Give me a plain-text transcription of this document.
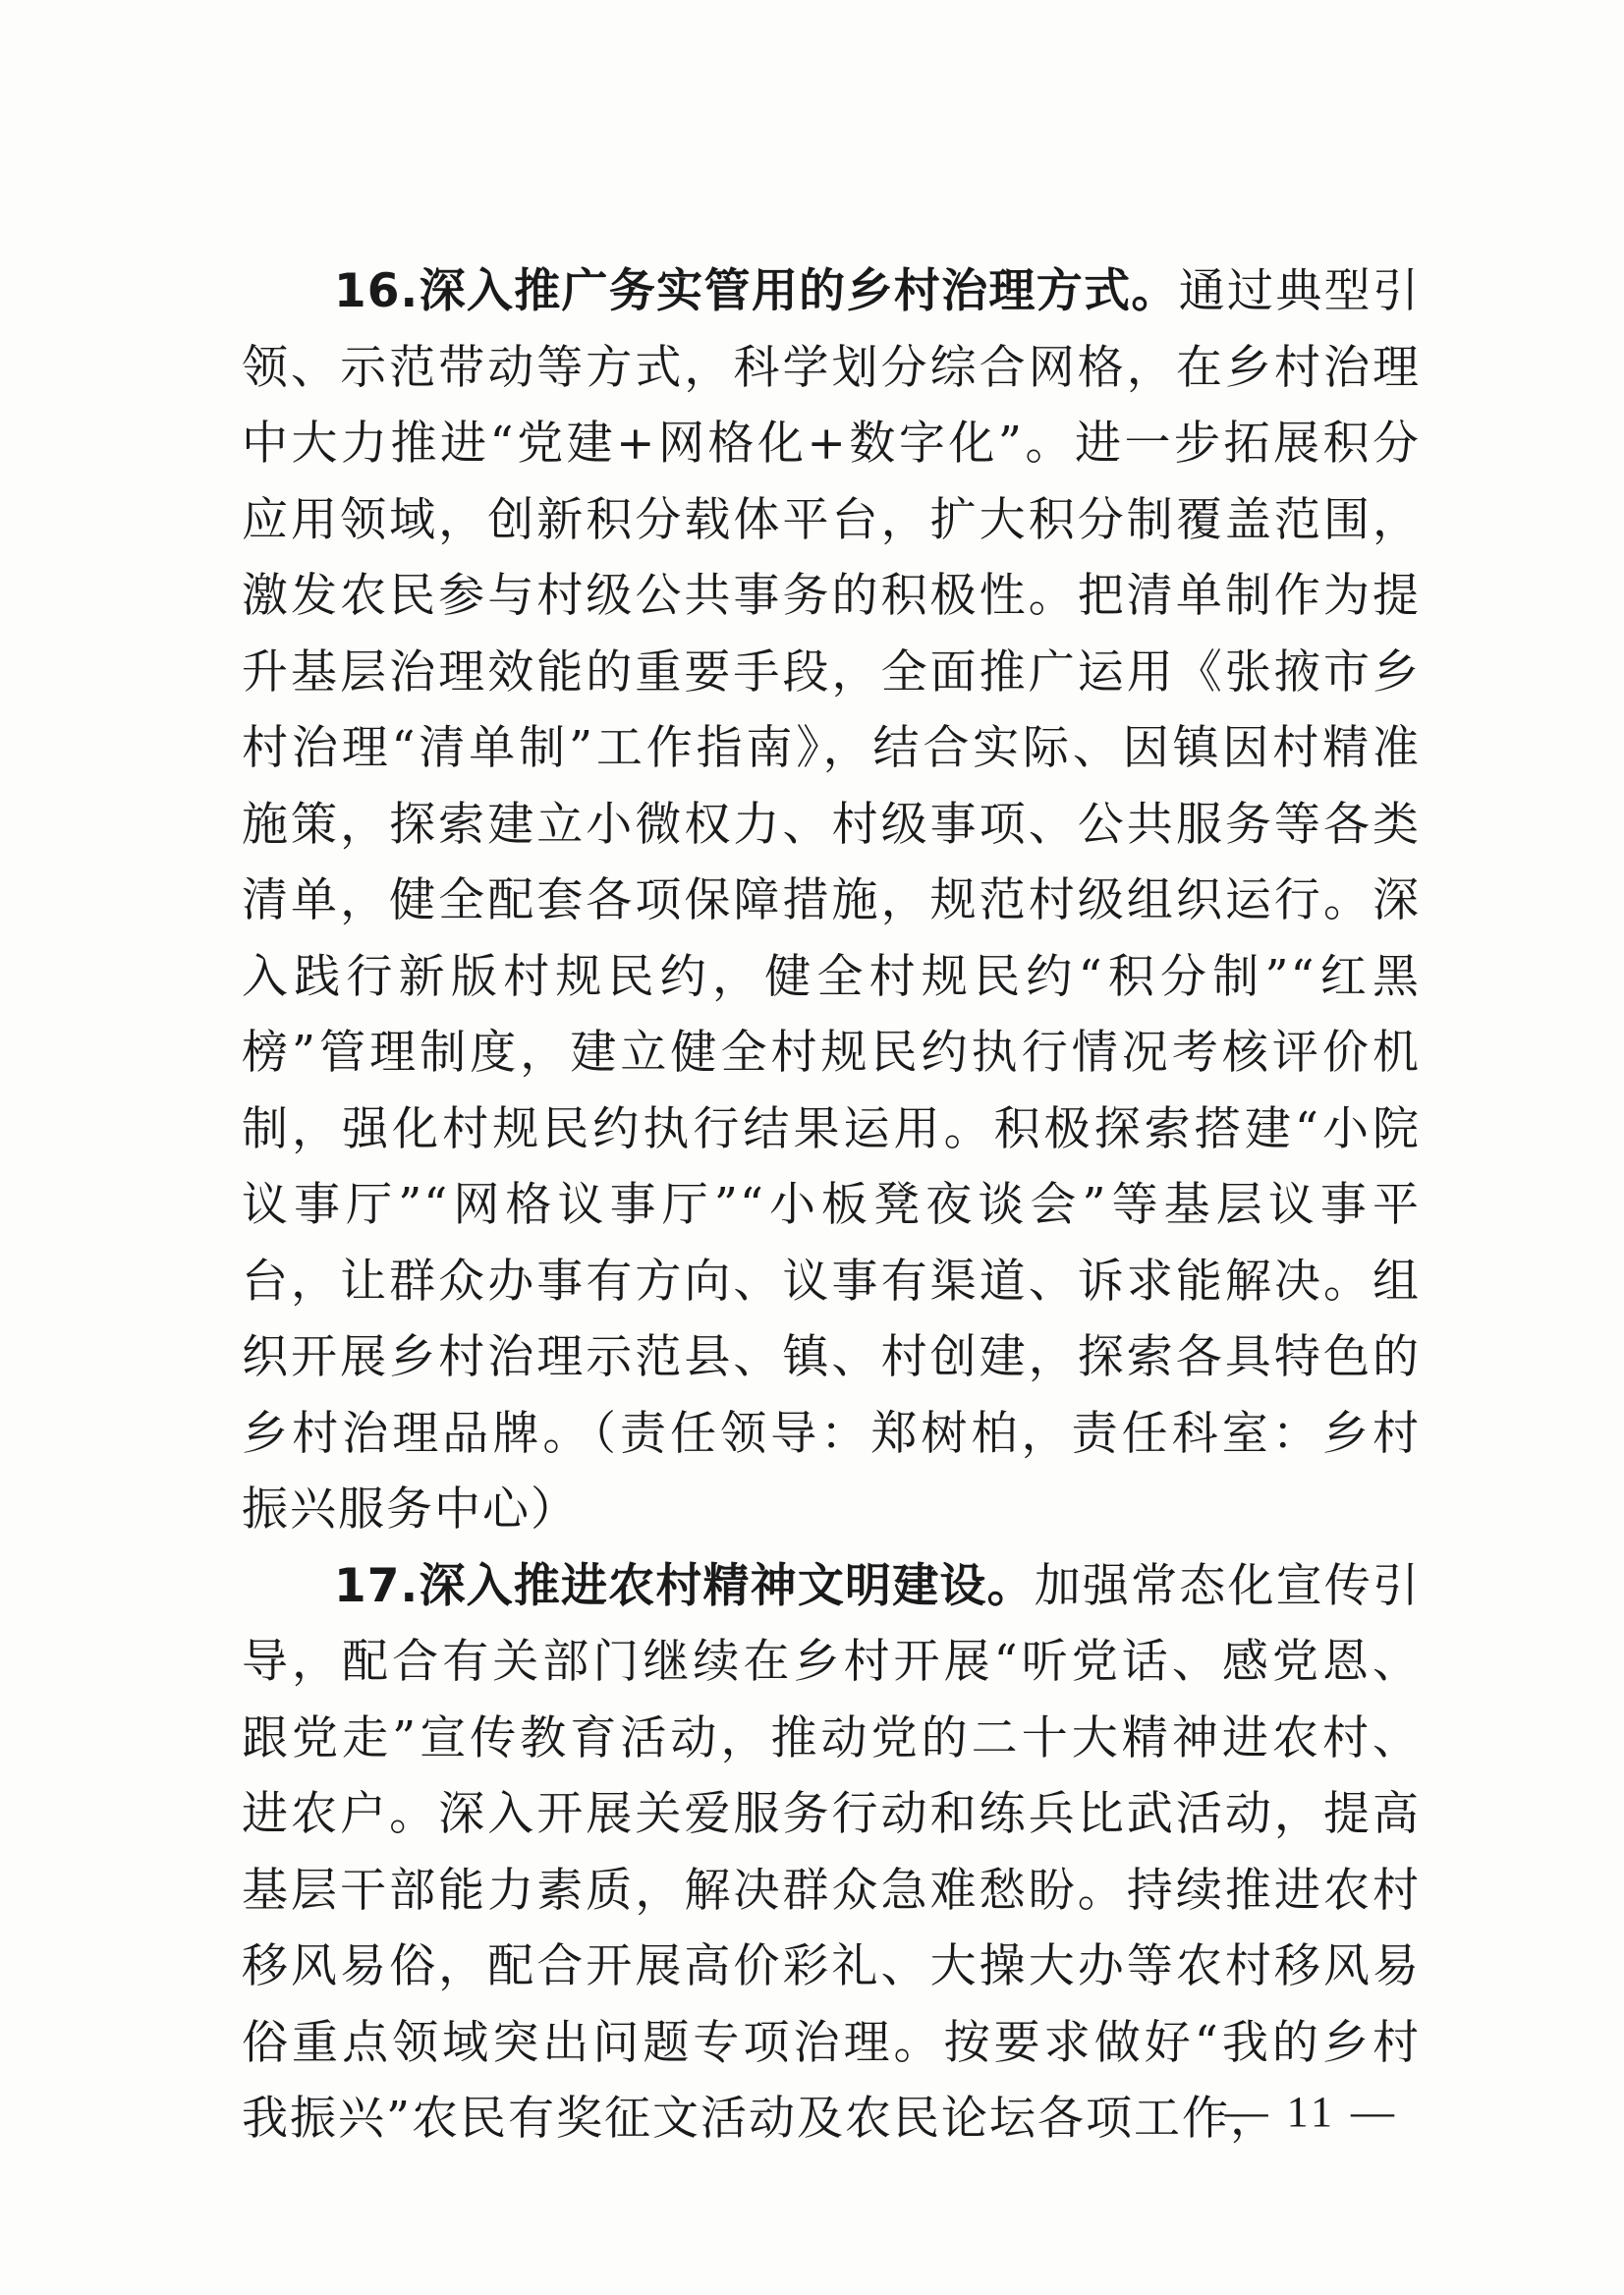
16.深入推广务实管用的乡村治理方式。通过典型引领、示范带动等方式，科学划分综合网格，在乡村治理中大力推进“党建+网格化+数字化”。进一步拓展积分应用领域，创新积分载体平台，扩大积分制覆盖范围，激发农民参与村级公共事务的积极性。把清单制作为提升基层治理效能的重要手段，全面推广运用《张掖市乡村治理“清单制”工作指南》，结合实际、因镇因村精准施策，探索建立小微权力、村级事项、公共服务等各类清单，健全配套各项保障措施，规范村级组织运行。深入践行新版村规民约，健全村规民约“积分制”“红黑榜”管理制度，建立健全村规民约执行情况考核评价机制，强化村规民约执行结果运用。积极探索搭建“小院议事厅”“网格议事厅”“小板凳夜谈会”等基层议事平台，让群众办事有方向、议事有渠道、诉求能解决。组织开展乡村治理示范县、镇、村创建，探索各具特色的乡村治理品牌。（责任领导：郑树柏，责任科室：乡村振兴服务中心）

17.深入推进农村精神文明建设。加强常态化宣传引导，配合有关部门继续在乡村开展“听党话、感党恩、跟党走”宣传教育活动，推动党的二十大精神进农村、进农户。深入开展关爱服务行动和练兵比武活动，提高基层干部能力素质，解决群众急难愁盼。持续推进农村移风易俗，配合开展高价彩礼、大操大办等农村移风易俗重点领域突出问题专项治理。按要求做好“我的乡村我振兴”农民有奖征文活动及农民论坛各项工作，

— 11 —
